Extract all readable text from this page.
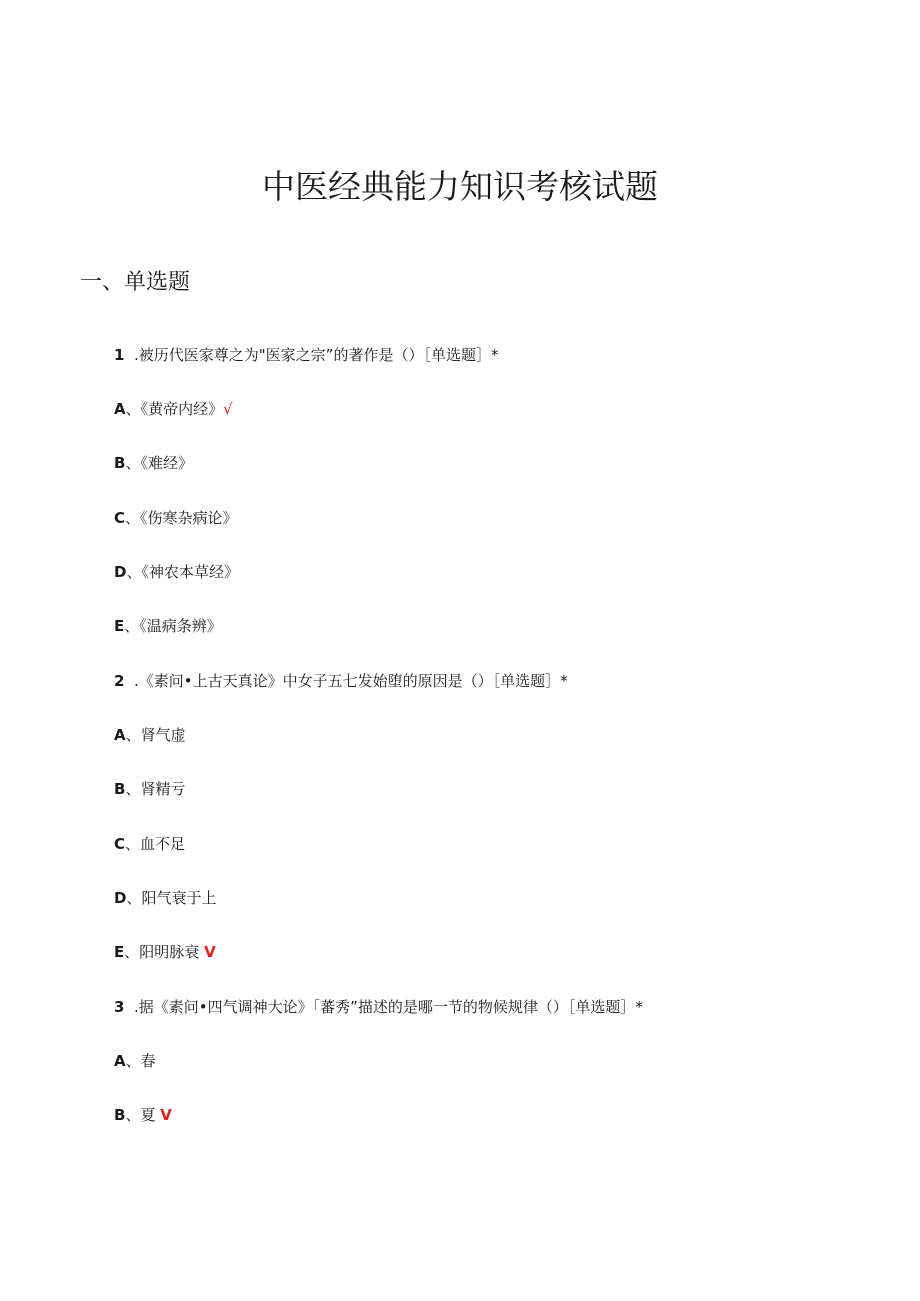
中医经典能力知识考核试题
一、单选题
1 .被历代医家尊之为"医家之宗”的著作是（）［单选题］*
A、《黄帝内经》√
B、《难经》
C、《伤寒杂病论》
D、《神农本草经》
E、《温病条辨》
2 .《素问•上古天真论》中女子五七发始堕的原因是（）［单选题］*
A、肾气虚
B、肾精亏
C、血不足
D、阳气衰于上
E、阳明脉衰 V
3 .据《素问•四气调神大论》「蕃秀”描述的是哪一节的物候规律（）［单选题］*
A、春
B、夏 V
